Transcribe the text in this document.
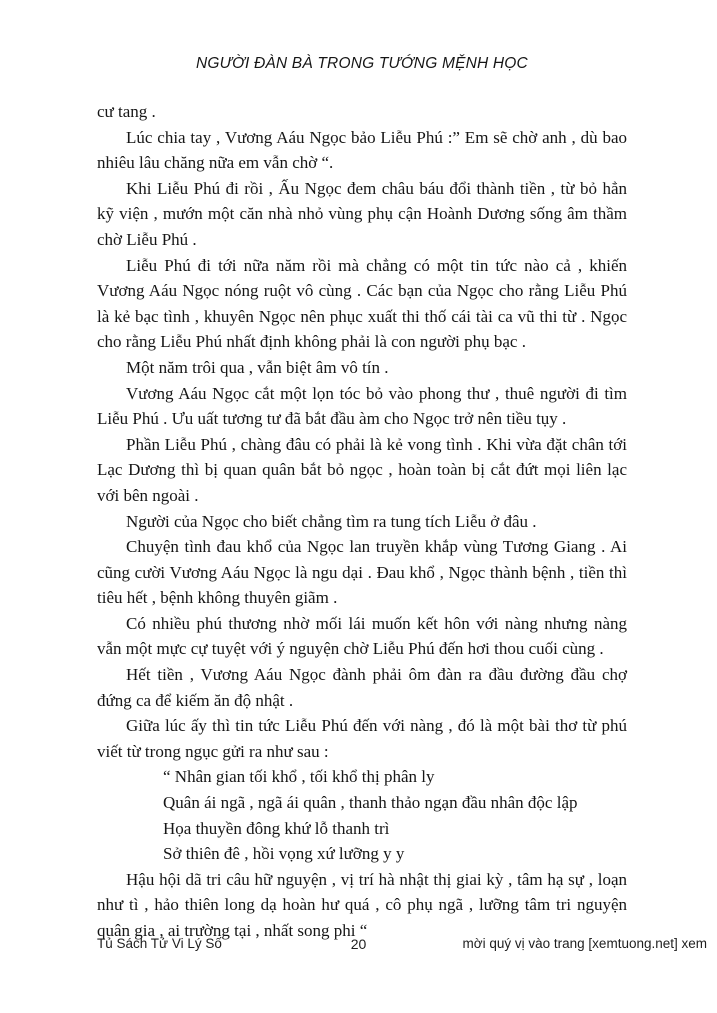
NGƯỜI ĐÀN BÀ TRONG TƯỚNG MỆNH HỌC

cư tang .

Lúc chia tay , Vương Aáu Ngọc bảo Liễu Phú :” Em sẽ chờ anh , dù bao nhiêu lâu chăng nữa em vẫn chờ “.

Khi Liễu Phú đi rồi , Ấu Ngọc đem châu báu đổi thành tiền , từ bỏ hẳn kỹ viện , mướn một căn nhà nhỏ vùng phụ cận Hoành Dương sống âm thầm chờ Liễu Phú .

Liễu Phú đi tới nữa năm rồi mà chẳng có một tin tức nào cả , khiến Vương Aáu Ngọc nóng ruột vô cùng . Các bạn của Ngọc cho rằng Liễu Phú là kẻ bạc tình , khuyên Ngọc nên phục xuất thi thố cái tài ca vũ thi từ . Ngọc cho rằng Liễu Phú nhất định không phải là con người phụ bạc .

Một năm trôi qua , vẫn biệt âm vô tín .

Vương Aáu Ngọc cắt một lọn tóc bỏ vào phong thư , thuê người đi tìm Liễu Phú . Ưu uất tương tư đã bắt đầu àm cho Ngọc trở nên tiều tụy .

Phần Liễu Phú , chàng đâu có phải là kẻ vong tình . Khi vừa đặt chân tới Lạc Dương thì bị quan quân bắt bỏ ngọc , hoàn toàn bị cắt đứt mọi liên lạc với bên ngoài .

Người của Ngọc cho biết chẳng tìm ra tung tích Liễu ở đâu .

Chuyện tình đau khổ của Ngọc lan truyền khắp vùng Tương Giang . Ai cũng cười Vương Aáu Ngọc là ngu dại . Đau khổ , Ngọc thành bệnh , tiền thì tiêu hết , bệnh không thuyên giãm .

Có nhiều phú thương nhờ mối lái muốn kết hôn với nàng nhưng nàng vẫn một mực cự tuyệt với ý nguyện chờ Liễu Phú đến hơi thou cuối cùng .

Hết tiền , Vương Aáu Ngọc đành phải ôm đàn ra đầu đường đầu chợ đứng ca để kiếm ăn độ nhật .

Giữa lúc ấy thì tin tức Liễu Phú đến với nàng , đó là một bài thơ từ phú viết từ trong ngục gửi ra như sau :

“ Nhân gian tối khổ , tối khổ thị phân ly

Quân ái ngã , ngã ái quân , thanh thảo ngạn đầu nhân độc lập

Họa thuyền đông khứ lỗ thanh trì

Sở thiên đê , hồi vọng xứ lưỡng y y

Hậu hội dã tri câu hữ nguyện , vị trí hà nhật thị giai kỳ , tâm hạ sự , loạn như tì , hảo thiên long dạ hoàn hư quá , cô phụ ngã , lưỡng tâm tri nguyện quân gia , ai trường tại , nhất song phi “

20
Tủ Sách Tử Vi Lý Số	mời quý vị vào trang [xemtuong.net] xem
